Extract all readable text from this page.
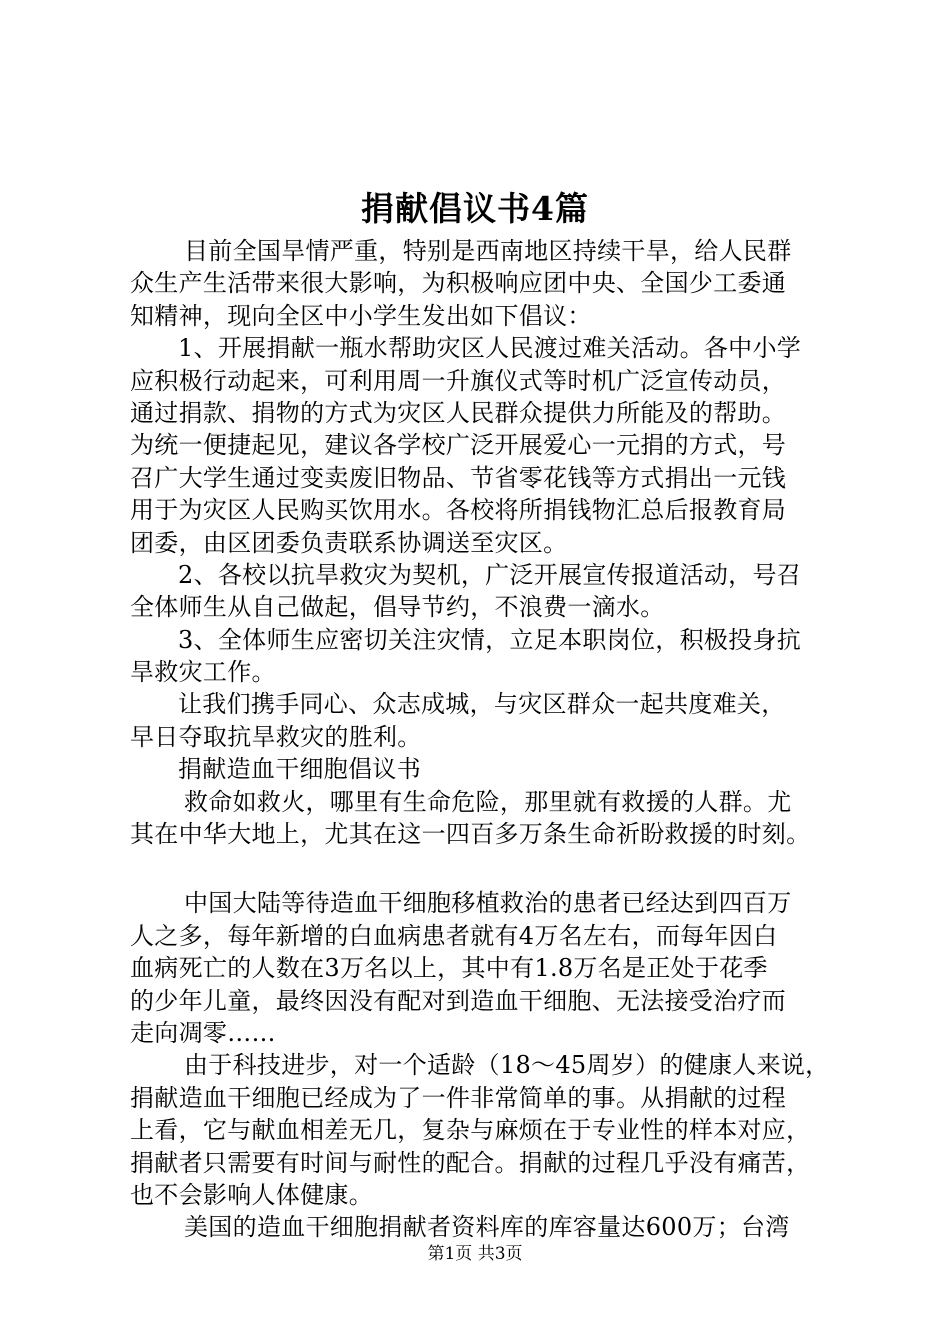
捐献倡议书4篇
目前全国旱情严重，特别是西南地区持续干旱，给人民群
众生产生活带来很大影响，为积极响应团中央、全国少工委通
知精神，现向全区中小学生发出如下倡议：
1、开展捐献一瓶水帮助灾区人民渡过难关活动。各中小学
应积极行动起来，可利用周一升旗仪式等时机广泛宣传动员，
通过捐款、捐物的方式为灾区人民群众提供力所能及的帮助。
为统一便捷起见，建议各学校广泛开展爱心一元捐的方式，号
召广大学生通过变卖废旧物品、节省零花钱等方式捐出一元钱
用于为灾区人民购买饮用水。各校将所捐钱物汇总后报教育局
团委，由区团委负责联系协调送至灾区。
2、各校以抗旱救灾为契机，广泛开展宣传报道活动，号召
全体师生从自己做起，倡导节约，不浪费一滴水。
3、全体师生应密切关注灾情，立足本职岗位，积极投身抗
旱救灾工作。
让我们携手同心、众志成城，与灾区群众一起共度难关，
早日夺取抗旱救灾的胜利。
捐献造血干细胞倡议书
救命如救火，哪里有生命危险，那里就有救援的人群。尤
其在中华大地上，尤其在这一四百多万条生命祈盼救援的时刻。
中国大陆等待造血干细胞移植救治的患者已经达到四百万
人之多，每年新增的白血病患者就有4万名左右，而每年因白
血病死亡的人数在3万名以上，其中有1.8万名是正处于花季
的少年儿童，最终因没有配对到造血干细胞、无法接受治疗而
走向凋零……
由于科技进步，对一个适龄（18～45周岁）的健康人来说，
捐献造血干细胞已经成为了一件非常简单的事。从捐献的过程
上看，它与献血相差无几，复杂与麻烦在于专业性的样本对应，
捐献者只需要有时间与耐性的配合。捐献的过程几乎没有痛苦，
也不会影响人体健康。
美国的造血干细胞捐献者资料库的库容量达600万；台湾
第1页 共3页
